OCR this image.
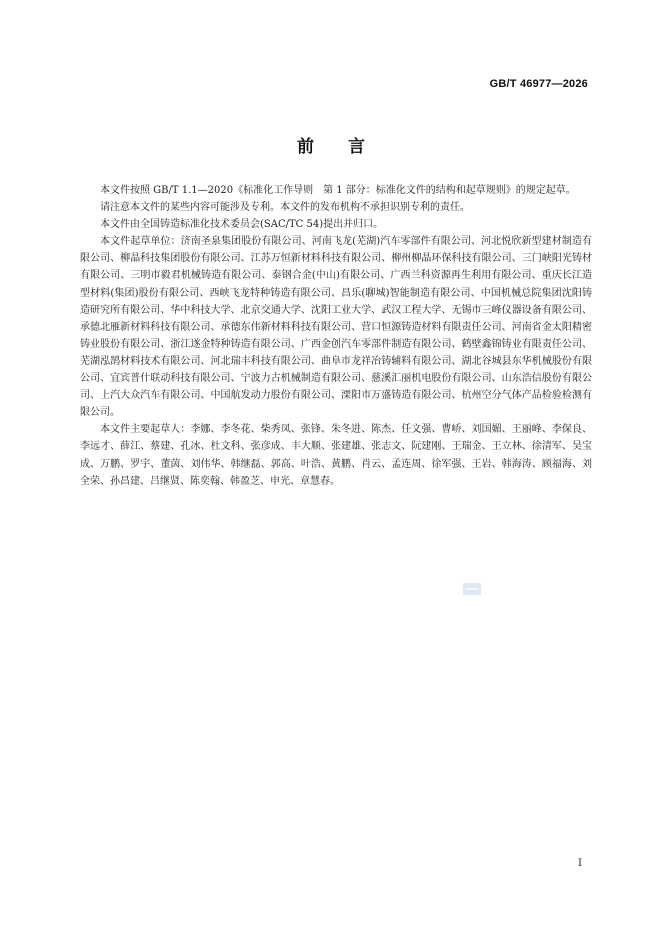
GB/T 46977—2026
前言

本文件按照 GB/T 1.1—2020《标准化工作导则　第 1 部分：标准化文件的结构和起草规则》的规定起草。

请注意本文件的某些内容可能涉及专利。本文件的发布机构不承担识别专利的责任。

本文件由全国铸造标准化技术委员会(SAC/TC 54)提出并归口。

本文件起草单位：济南圣泉集团股份有限公司、河南飞龙(芜湖)汽车零部件有限公司、河北悦欣新型建材制造有限公司、柳晶科技集团股份有限公司、江苏万恒新材料科技有限公司、柳州柳晶环保科技有限公司、三门峡阳光铸材有限公司、三明市毅君机械铸造有限公司、泰钢合金(中山)有限公司、广西兰科资源再生利用有限公司、重庆长江造型材料(集团)股份有限公司、西峡飞龙特种铸造有限公司、昌乐(聊城)智能制造有限公司、中国机械总院集团沈阳铸造研究所有限公司、华中科技大学、北京交通大学、沈阳工业大学、武汉工程大学、无锡市三峰仪器设备有限公司、承德北雁新材料科技有限公司、承德东伟新材料科技有限公司、营口恒源铸造材料有限责任公司、河南省金太阳精密铸业股份有限公司、浙江遂金特种铸造有限公司、广西金创汽车零部件制造有限公司、鹤壁鑫锦铸业有限责任公司、芜湖泓鹄材料技术有限公司、河北瑞丰科技有限公司、曲阜市龙祥冶铸辅料有限公司、湖北谷城县东华机械股份有限公司、宜宾普什联动科技有限公司、宁波力古机械制造有限公司、慈溪汇丽机电股份有限公司、山东浩信股份有限公司、上汽大众汽车有限公司、中国航发动力股份有限公司、溧阳市万盛铸造有限公司、杭州空分气体产品检验检测有限公司。

本文件主要起草人：李娜、李冬花、柴秀凤、张锋、朱冬进、陈杰、任文强、曹峤、刘国媚、王丽峰、李保良、李远才、薛江、蔡建、孔冰、杜文科、张彦成、丰大顺、张建雄、张志文、阮建刚、王瑞金、王立林、徐清军、吴宝成、万鹏、罗宇、董茵、刘伟华、韩继磊、郭高、叶浩、黄鹏、肖云、孟连周、徐军强、王岩、韩海涛、顾福海、刘全荣、孙昌建、吕继贤、陈奕翰、韩盈芝、申光、章慧春。

I
